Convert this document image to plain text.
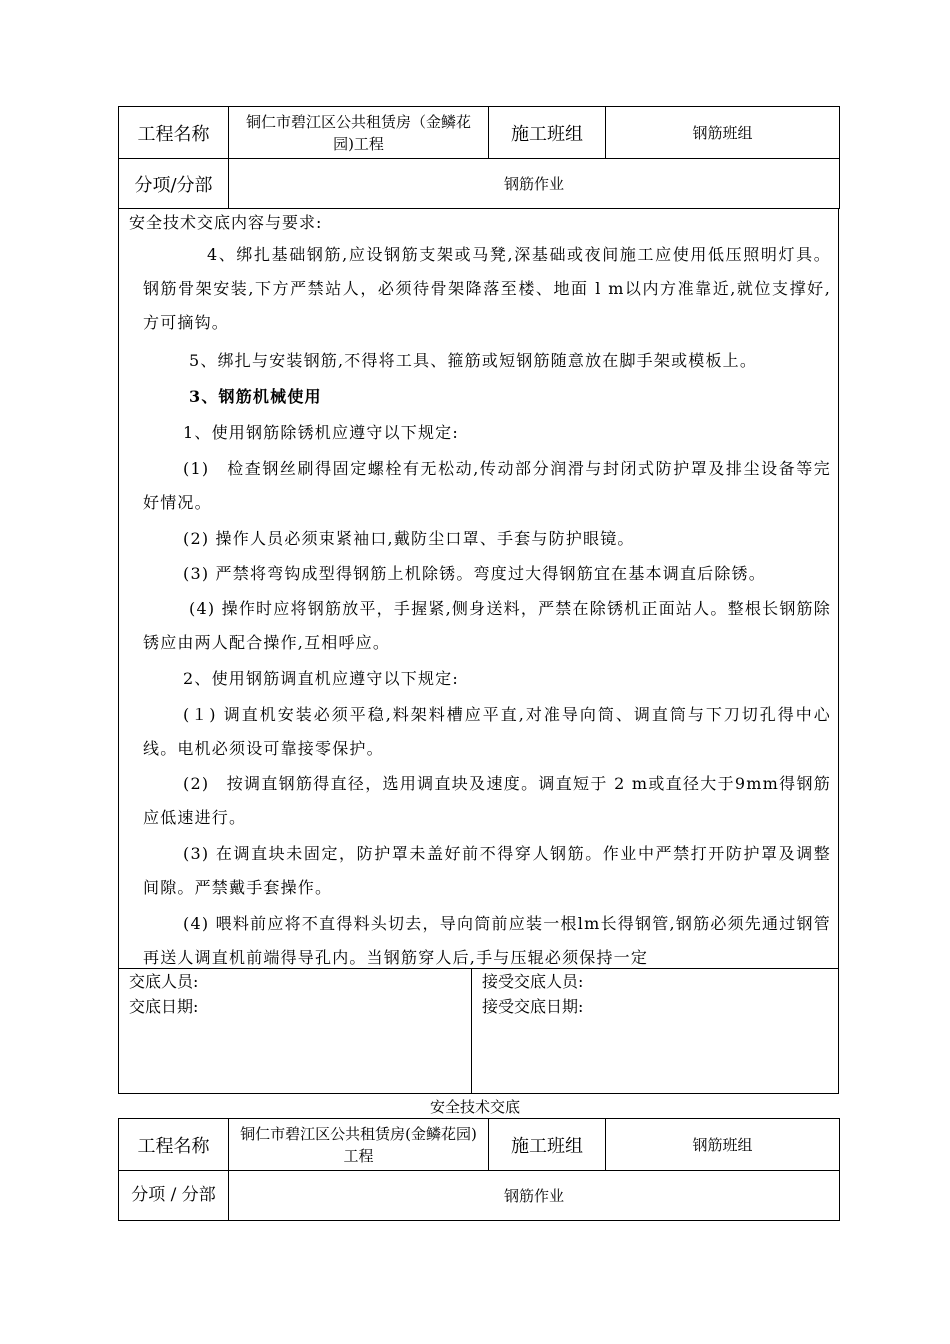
工程名称	铜仁市碧江区公共租赁房（金鳞花园)工程	施工班组	钢筋班组
分项/分部	钢筋作业		
安全技术交底内容与要求:
4、绑扎基础钢筋,应设钢筋支架或马凳,深基础或夜间施工应使用低压照明灯具。 钢筋骨架安装,下方严禁站人，必须待骨架降落至楼、地面 l m以内方准靠近,就位支撑好,方可摘钩。
5、绑扎与安装钢筋,不得将工具、箍筋或短钢筋随意放在脚手架或模板上。
3、钢筋机械使用
1、使用钢筋除锈机应遵守以下规定:
(1)　检查钢丝刷得固定螺栓有无松动,传动部分润滑与封闭式防护罩及排尘设备等完好情况。
(2) 操作人员必须束紧袖口,戴防尘口罩、手套与防护眼镜。
(3) 严禁将弯钩成型得钢筋上机除锈。弯度过大得钢筋宜在基本调直后除锈。
(4) 操作时应将钢筋放平，手握紧,侧身送料，严禁在除锈机正面站人。整根长钢筋除锈应由两人配合操作,互相呼应。
2、使用钢筋调直机应遵守以下规定:
(１) 调直机安装必须平稳,料架料槽应平直,对准导向筒、调直筒与下刀切孔得中心线。电机必须设可靠接零保护。
(2)　按调直钢筋得直径，选用调直块及速度。调直短于 2 m或直径大于9mm得钢筋应低速进行。
(3) 在调直块未固定，防护罩未盖好前不得穿人钢筋。作业中严禁打开防护罩及调整间隙。严禁戴手套操作。
(4) 喂料前应将不直得料头切去，导向筒前应装一根lm长得钢管,钢筋必须先通过钢管再送人调直机前端得导孔内。当钢筋穿人后,手与压辊必须保持一定
交底人员:
交底日期:
接受交底人员:
接受交底日期:
安全技术交底
工程名称	铜仁市碧江区公共租赁房(金鳞花园)工程	施工班组	钢筋班组
分项 / 分部	钢筋作业		
